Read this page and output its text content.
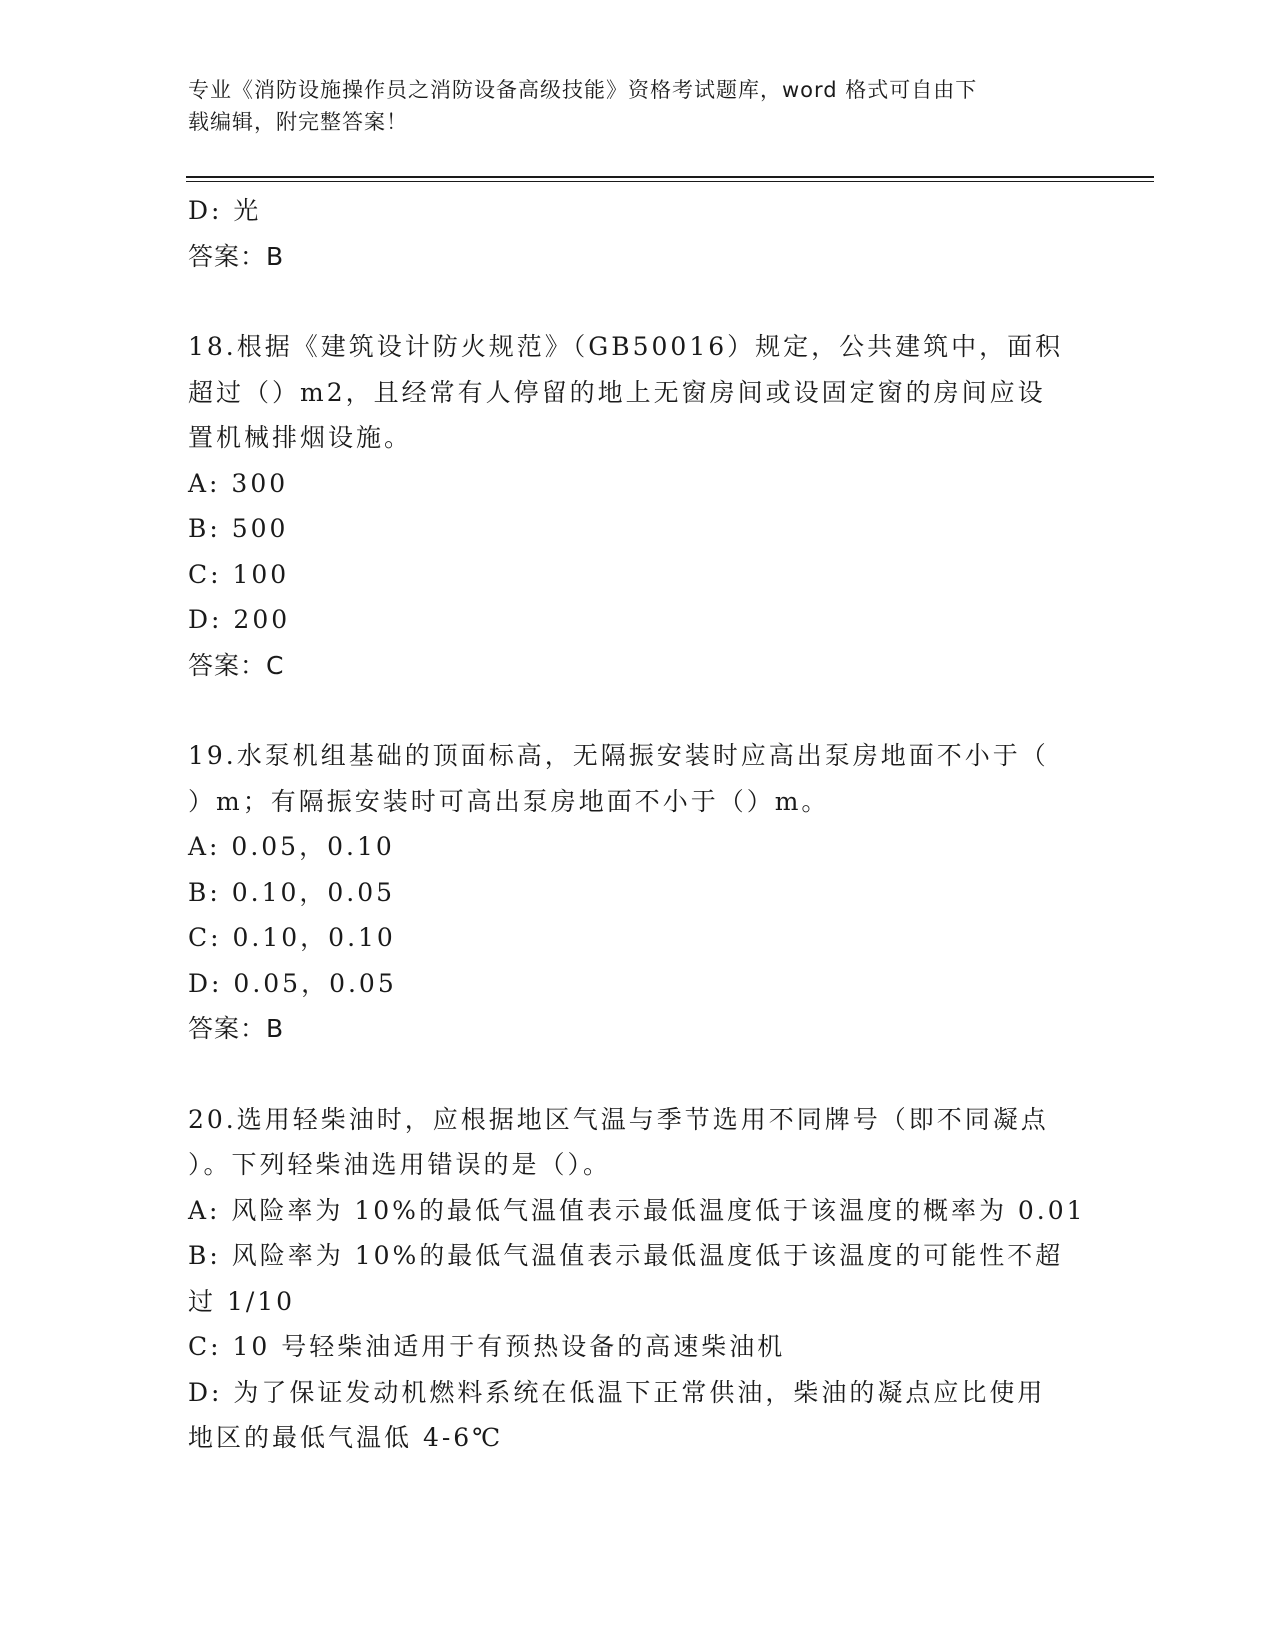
专业《消防设施操作员之消防设备高级技能》资格考试题库，word 格式可自由下
载编辑，附完整答案！
D: 光
答案：B
18.根据《建筑设计防火规范》（GB50016）规定，公共建筑中，面积
超过（）m2，且经常有人停留的地上无窗房间或设固定窗的房间应设
置机械排烟设施。
A: 300
B: 500
C: 100
D: 200
答案：C
19.水泵机组基础的顶面标高，无隔振安装时应高出泵房地面不小于（
）m；有隔振安装时可高出泵房地面不小于（）m。
A: 0.05，0.10
B: 0.10，0.05
C: 0.10，0.10
D: 0.05，0.05
答案：B
20.选用轻柴油时，应根据地区气温与季节选用不同牌号（即不同凝点
）。下列轻柴油选用错误的是（）。
A: 风险率为 10%的最低气温值表示最低温度低于该温度的概率为 0.01
B: 风险率为 10%的最低气温值表示最低温度低于该温度的可能性不超
过 1/10
C: 10 号轻柴油适用于有预热设备的高速柴油机
D: 为了保证发动机燃料系统在低温下正常供油，柴油的凝点应比使用
地区的最低气温低 4-6℃
